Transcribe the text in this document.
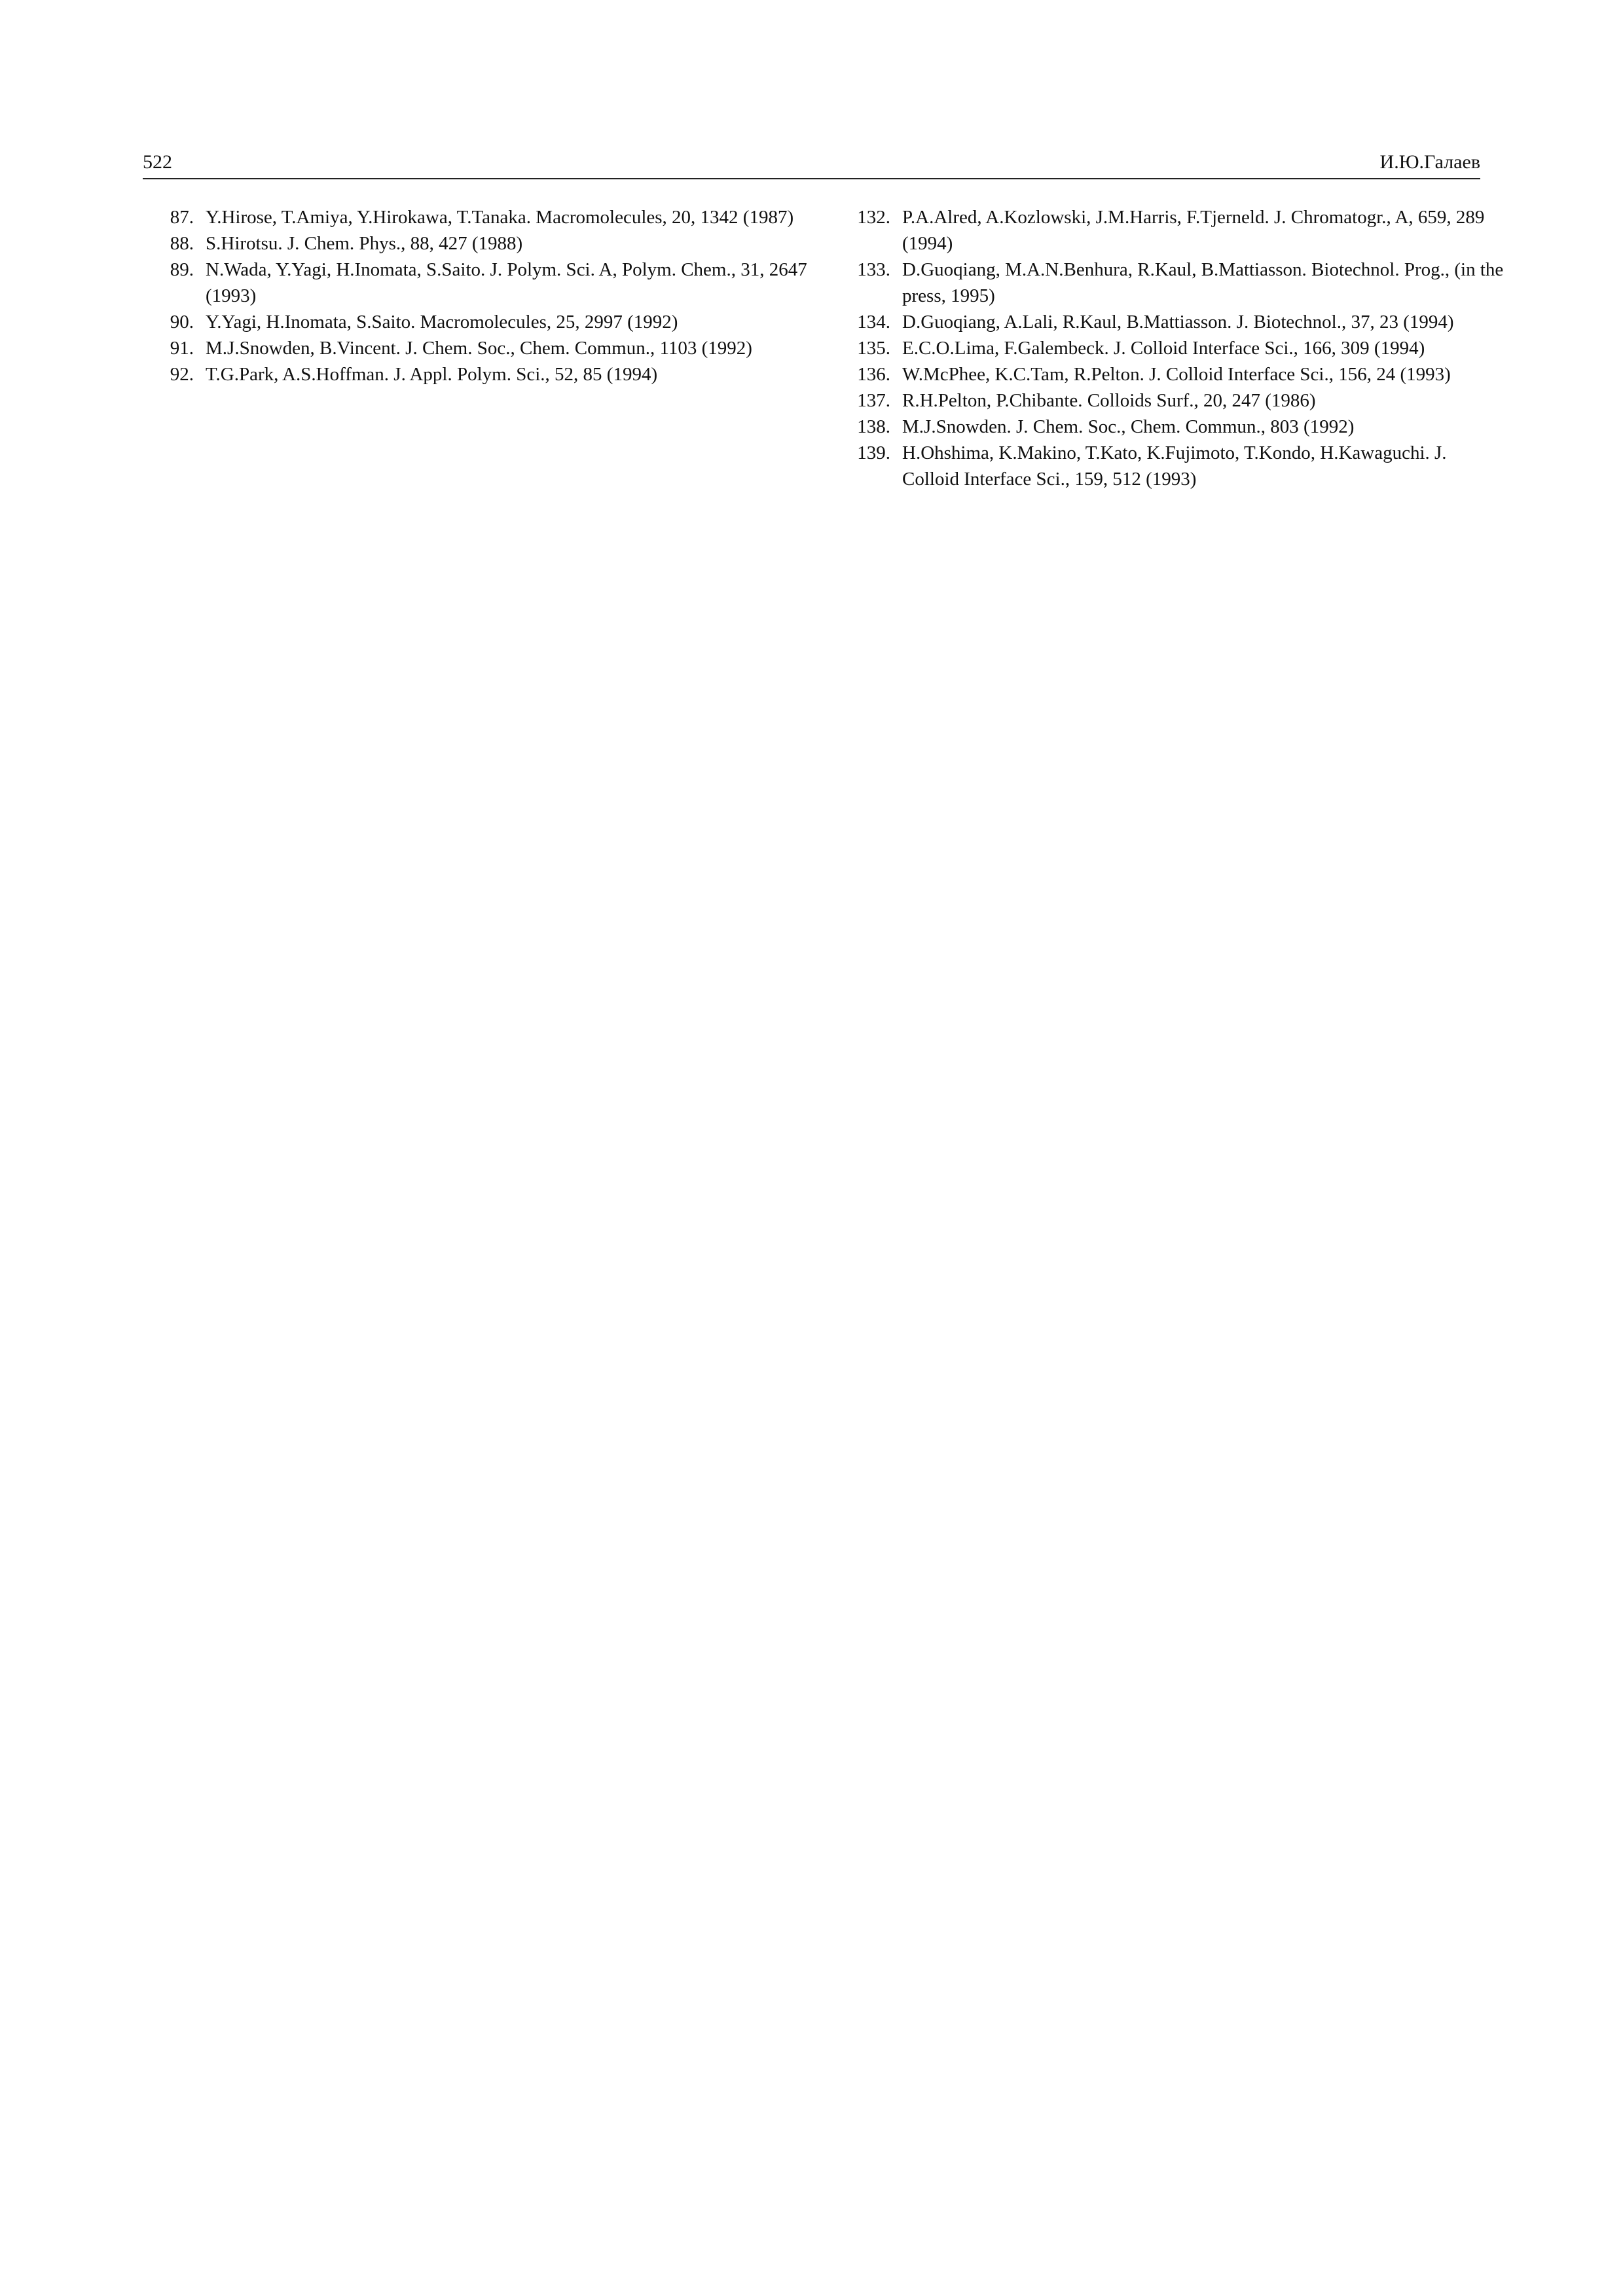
522	И.Ю.Галаев
87. Y.Hirose, T.Amiya, Y.Hirokawa, T.Tanaka. Macromolecules, 20, 1342 (1987)
88. S.Hirotsu. J. Chem. Phys., 88, 427 (1988)
89. N.Wada, Y.Yagi, H.Inomata, S.Saito. J. Polym. Sci. A, Polym. Chem., 31, 2647 (1993)
90. Y.Yagi, H.Inomata, S.Saito. Macromolecules, 25, 2997 (1992)
91. M.J.Snowden, B.Vincent. J. Chem. Soc., Chem. Commun., 1103 (1992)
92. T.G.Park, A.S.Hoffman. J. Appl. Polym. Sci., 52, 85 (1994)
132. P.A.Alred, A.Kozlowski, J.M.Harris, F.Tjerneld. J. Chromatogr., A, 659, 289 (1994)
133. D.Guoqiang, M.A.N.Benhura, R.Kaul, B.Mattiasson. Biotechnol. Prog., (in the press, 1995)
134. D.Guoqiang, A.Lali, R.Kaul, B.Mattiasson. J. Biotechnol., 37, 23 (1994)
135. E.C.O.Lima, F.Galembeck. J. Colloid Interface Sci., 166, 309 (1994)
136. W.McPhee, K.C.Tam, R.Pelton. J. Colloid Interface Sci., 156, 24 (1993)
137. R.H.Pelton, P.Chibante. Colloids Surf., 20, 247 (1986)
138. M.J.Snowden. J. Chem. Soc., Chem. Commun., 803 (1992)
139. H.Ohshima, K.Makino, T.Kato, K.Fujimoto, T.Kondo, H.Kawaguchi. J. Colloid Interface Sci., 159, 512 (1993)
